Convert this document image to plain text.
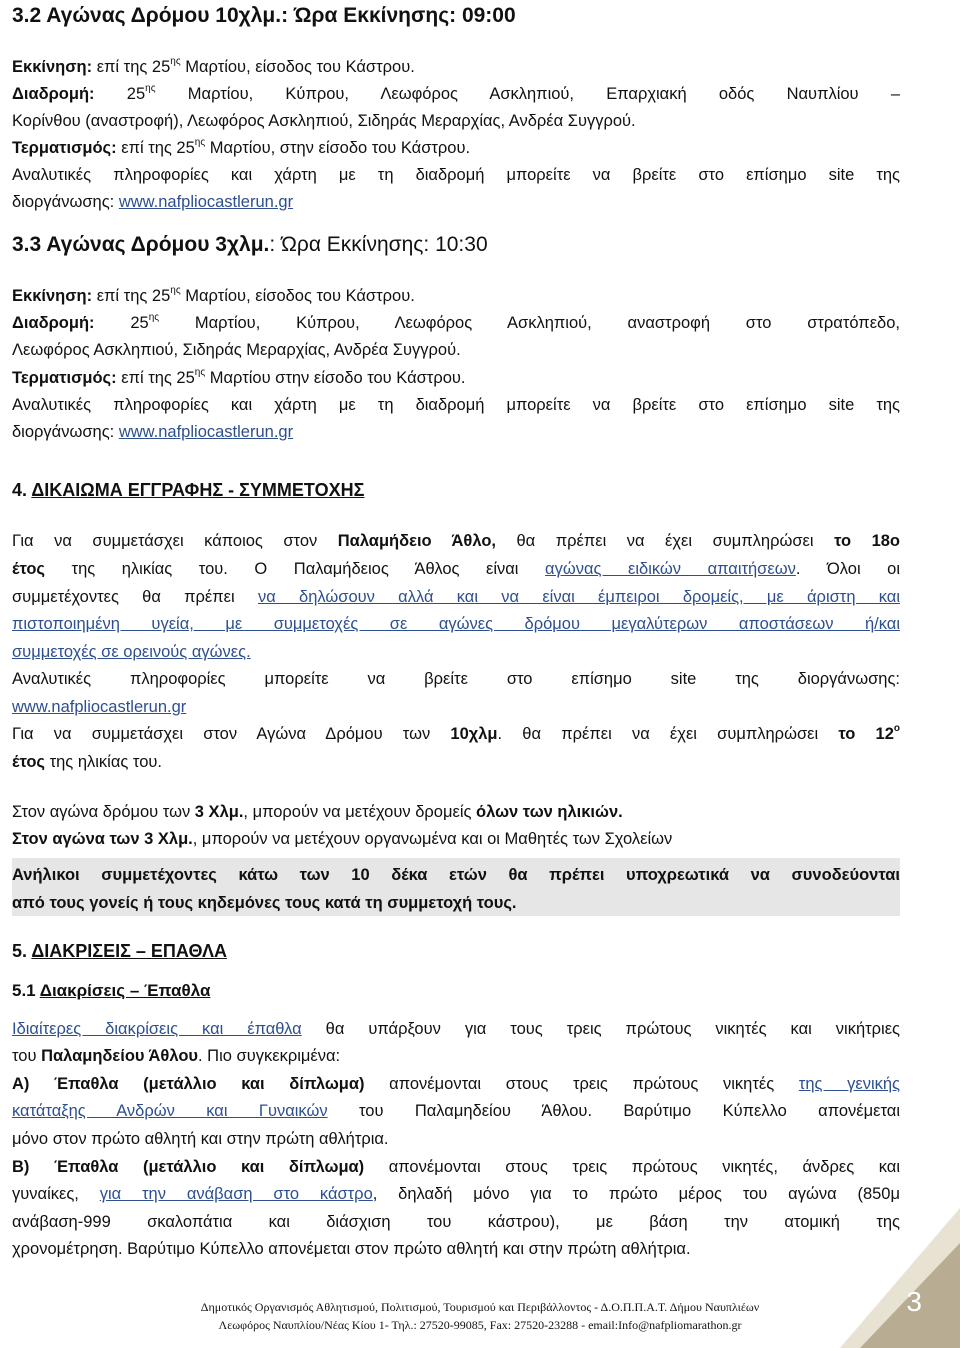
3.2 Αγώνας Δρόμου 10χλμ.: Ώρα Εκκίνησης: 09:00
Εκκίνηση: επί της $25^{\eta\varsigma}$ Μαρτίου, είσοδος του Κάστρου.
Διαδρομή: $25^{\eta\varsigma}$ Μαρτίου, Κύπρου, Λεωφόρος Ασκληπιού, Επαρχιακή οδός Ναυπλίου –
Κορίνθου (αναστροφή), Λεωφόρος Ασκληπιού, Σιδηράς Μεραρχίας, Ανδρέα Συγγρού.
Τερματισμός: επί της $25^{\eta\varsigma}$ Μαρτίου, στην είσοδο του Κάστρου.
Αναλυτικές πληροφορίες και χάρτη με τη διαδρομή μπορείτε να βρείτε στο επίσημο site της
διοργάνωσης: www.nafpliocastlerun.gr
3.3 Αγώνας Δρόμου 3χλμ.: Ώρα Εκκίνησης: 10:30
Εκκίνηση: επί της $25^{\eta\varsigma}$ Μαρτίου, είσοδος του Κάστρου.
Διαδρομή: $25^{\eta\varsigma}$ Μαρτίου, Κύπρου, Λεωφόρος Ασκληπιού, αναστροφή στο στρατόπεδο,
Λεωφόρος Ασκληπιού, Σιδηράς Μεραρχίας, Ανδρέα Συγγρού.
Τερματισμός: επί της $25^{\eta\varsigma}$ Μαρτίου στην είσοδο του Κάστρου.
Αναλυτικές πληροφορίες και χάρτη με τη διαδρομή μπορείτε να βρείτε στο επίσημο site της
διοργάνωσης: www.nafpliocastlerun.gr
4. ΔΙΚΑΙΩΜΑ ΕΓΓΡΑΦΗΣ - ΣΥΜΜΕΤΟΧΗΣ
Για να συμμετάσχει κάποιος στον Παλαμήδειο Άθλο, θα πρέπει να έχει συμπληρώσει το 18ο
έτος της ηλικίας του. Ο Παλαμήδειος Άθλος είναι αγώνας ειδικών απαιτήσεων. Όλοι οι
συμμετέχοντες θα πρέπει να δηλώσουν αλλά και να είναι έμπειροι δρομείς, με άριστη και
πιστοποιημένη υγεία, με συμμετοχές σε αγώνες δρόμου μεγαλύτερων αποστάσεων ή/και
συμμετοχές σε ορεινούς αγώνες.
Αναλυτικές πληροφορίες μπορείτε να βρείτε στο επίσημο site της διοργάνωσης:
www.nafpliocastlerun.gr
Για να συμμετάσχει στον Αγώνα Δρόμου των 10χλμ. θα πρέπει να έχει συμπληρώσει το $12^o$
έτος της ηλικίας του.
Στον αγώνα δρόμου των 3 Χλμ., μπορούν να μετέχουν δρομείς όλων των ηλικιών.
Στον αγώνα των 3 Χλμ., μπορούν να μετέχουν οργανωμένα και οι Μαθητές των Σχολείων
Ανήλικοι συμμετέχοντες κάτω των 10 δέκα ετών θα πρέπει υποχρεωτικά να συνοδεύονται
από τους γονείς ή τους κηδεμόνες τους κατά τη συμμετοχή τους.
5. ΔΙΑΚΡΙΣΕΙΣ – ΕΠΑΘΛΑ
5.1 Διακρίσεις – Έπαθλα
Ιδιαίτερες διακρίσεις και έπαθλα θα υπάρξουν για τους τρεις πρώτους νικητές και νικήτριες
του Παλαμηδείου Άθλου. Πιο συγκεκριμένα:
Α) Έπαθλα (μετάλλιο και δίπλωμα) απονέμονται στους τρεις πρώτους νικητές της γενικής
κατάταξης Ανδρών και Γυναικών του Παλαμηδείου Άθλου. Βαρύτιμο Κύπελλο απονέμεται
μόνο στον πρώτο αθλητή και στην πρώτη αθλήτρια.
Β) Έπαθλα (μετάλλιο και δίπλωμα) απονέμονται στους τρεις πρώτους νικητές, άνδρες και
γυναίκες, για την ανάβαση στο κάστρο, δηλαδή μόνο για το πρώτο μέρος του αγώνα (850μ
ανάβαση-999 σκαλοπάτια και διάσχιση του κάστρου), με βάση την ατομική της
χρονομέτρηση. Βαρύτιμο Κύπελλο απονέμεται στον πρώτο αθλητή και στην πρώτη αθλήτρια.
Δημοτικός Οργανισμός Αθλητισμού, Πολιτισμού, Τουρισμού και Περιβάλλοντος - Δ.Ο.Π.Π.Α.Τ. Δήμου Ναυπλιέων
Λεωφόρος Ναυπλίου/Νέας Κίου 1- Τηλ.: 27520-99085, Fax: 27520-23288 - email:Info@nafpliomarathon.gr
3
